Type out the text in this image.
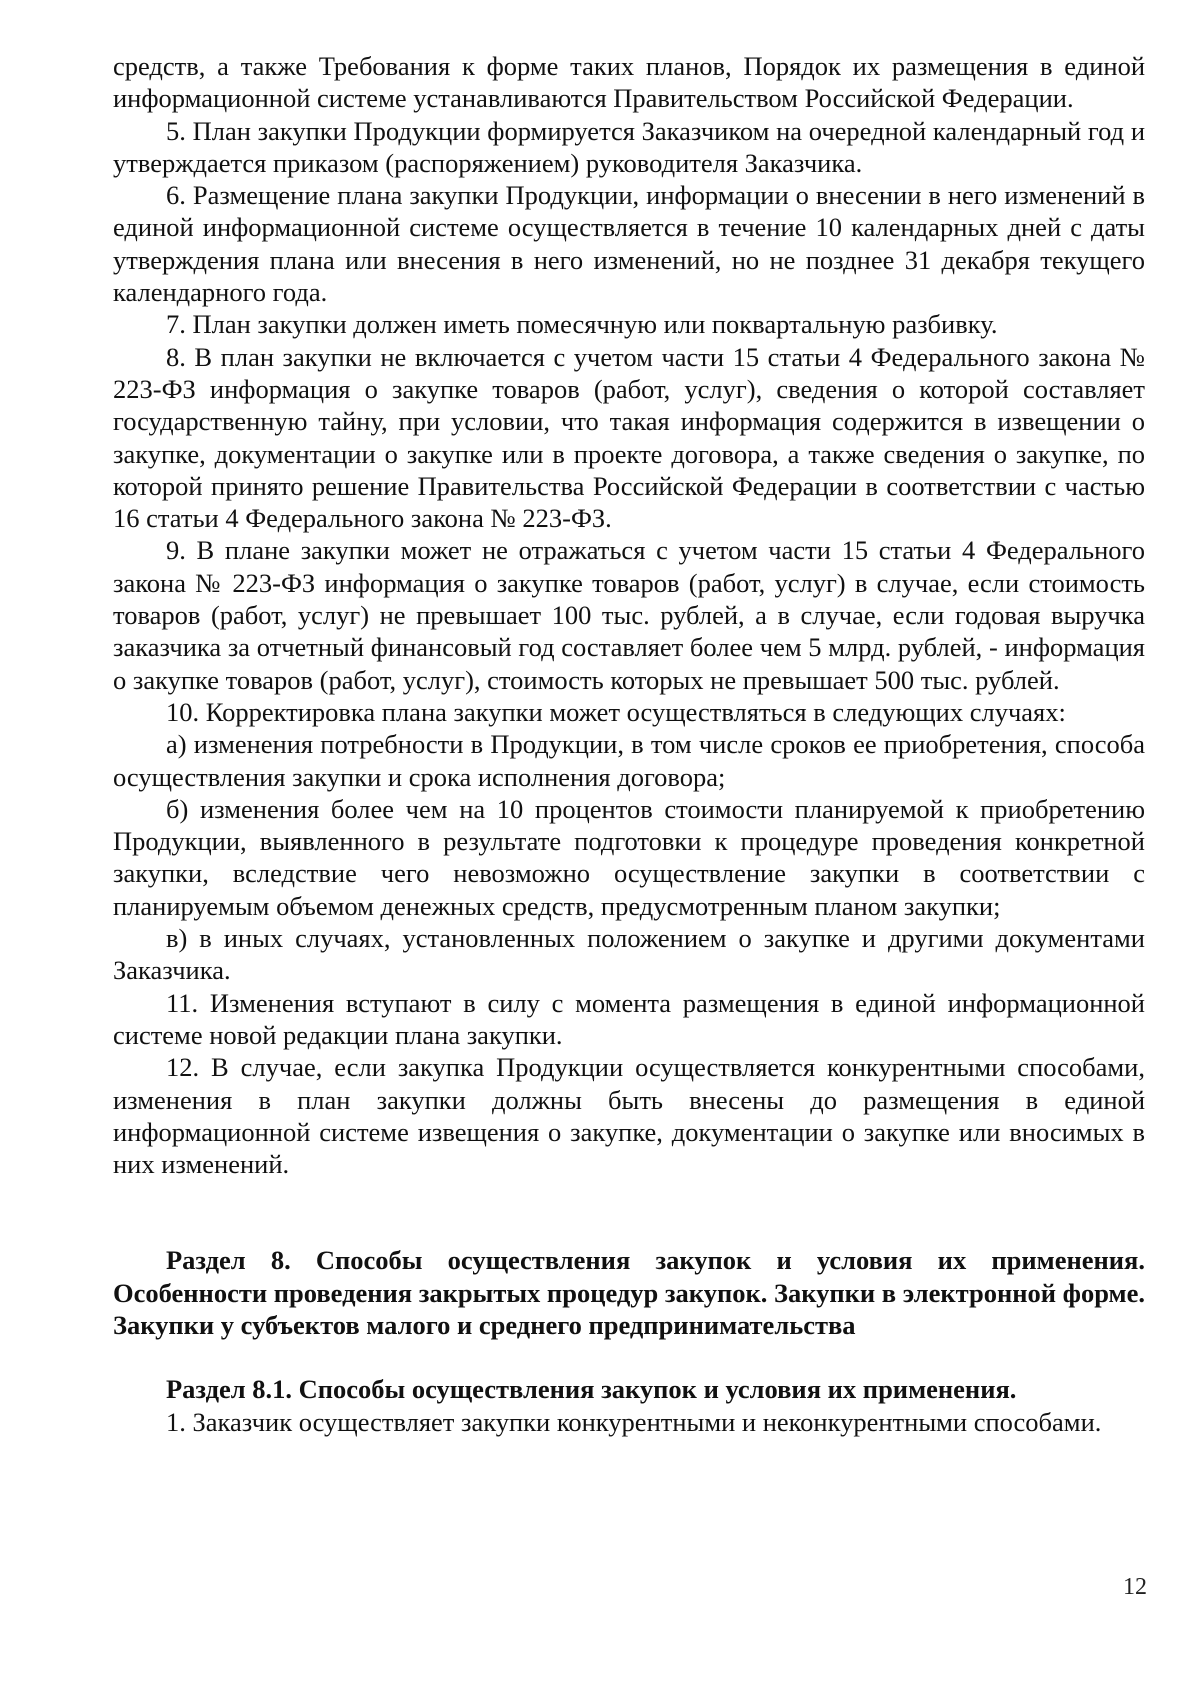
средств, а также Требования к форме таких планов, Порядок их размещения в единой информационной системе устанавливаются Правительством Российской Федерации.

5. План закупки Продукции формируется Заказчиком на очередной календарный год и утверждается приказом (распоряжением) руководителя Заказчика.

6. Размещение плана закупки Продукции, информации о внесении в него изменений в единой информационной системе осуществляется в течение 10 календарных дней с даты утверждения плана или внесения в него изменений, но не позднее 31 декабря текущего календарного года.

7. План закупки должен иметь помесячную или поквартальную разбивку.

8. В план закупки не включается с учетом части 15 статьи 4 Федерального закона № 223-ФЗ информация о закупке товаров (работ, услуг), сведения о которой составляет государственную тайну, при условии, что такая информация содержится в извещении о закупке, документации о закупке или в проекте договора, а также сведения о закупке, по которой принято решение Правительства Российской Федерации в соответствии с частью 16 статьи 4 Федерального закона № 223-ФЗ.

9. В плане закупки может не отражаться с учетом части 15 статьи 4 Федерального закона № 223-ФЗ информация о закупке товаров (работ, услуг) в случае, если стоимость товаров (работ, услуг) не превышает 100 тыс. рублей, а в случае, если годовая выручка заказчика за отчетный финансовый год составляет более чем 5 млрд. рублей, - информация о закупке товаров (работ, услуг), стоимость которых не превышает 500 тыс. рублей.

10. Корректировка плана закупки может осуществляться в следующих случаях:

а) изменения потребности в Продукции, в том числе сроков ее приобретения, способа осуществления закупки и срока исполнения договора;

б) изменения более чем на 10 процентов стоимости планируемой к приобретению Продукции, выявленного в результате подготовки к процедуре проведения конкретной закупки, вследствие чего невозможно осуществление закупки в соответствии с планируемым объемом денежных средств, предусмотренным планом закупки;

в) в иных случаях, установленных положением о закупке и другими документами Заказчика.

11. Изменения вступают в силу с момента размещения в единой информационной системе новой редакции плана закупки.

12. В случае, если закупка Продукции осуществляется конкурентными способами, изменения в план закупки должны быть внесены до размещения в единой информационной системе извещения о закупке, документации о закупке или вносимых в них изменений.

Раздел 8. Способы осуществления закупок и условия их применения. Особенности проведения закрытых процедур закупок. Закупки в электронной форме. Закупки у субъектов малого и среднего предпринимательства

Раздел 8.1. Способы осуществления закупок и условия их применения.

1. Заказчик осуществляет закупки конкурентными и неконкурентными способами.

12
